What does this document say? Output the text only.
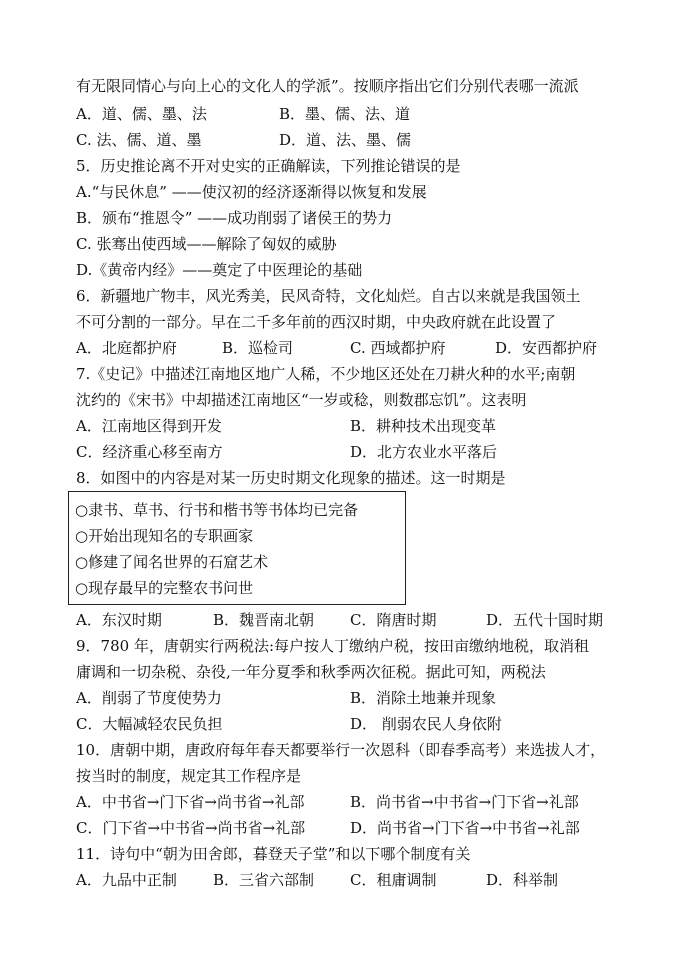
有无限同情心与向上心的文化人的学派”。按顺序指出它们分别代表哪一流派
A．道、儒、墨、法	B．墨、儒、法、道
C. 法、儒、道、墨	D．道、法、墨、儒
5．历史推论离不开对史实的正确解读，下列推论错误的是
A.“与民休息” ——使汉初的经济逐渐得以恢复和发展
B．颁布“推恩令” ——成功削弱了诸侯王的势力
C. 张骞出使西域——解除了匈奴的威胁
D.《黄帝内经》——奠定了中医理论的基础
6．新疆地广物丰，风光秀美，民风奇特，文化灿烂。自古以来就是我国领土
不可分割的一部分。早在二千多年前的西汉时期，中央政府就在此设置了
A．北庭都护府	B．巡检司	C. 西域都护府	D．安西都护府
7.《史记》中描述江南地区地广人稀，不少地区还处在刀耕火种的水平;南朝
沈约的《宋书》中却描述江南地区“一岁或稔，则数郡忘饥”。这表明
A．江南地区得到开发	B．耕种技术出现变革
C．经济重心移至南方	D．北方农业水平落后
8．如图中的内容是对某一历史时期文化现象的描述。这一时期是
○隶书、草书、行书和楷书等书体均已完备
○开始出现知名的专职画家
○修建了闻名世界的石窟艺术
○现存最早的完整农书问世
A．东汉时期	B．魏晋南北朝 C．隋唐时期	D．五代十国时期
9．780 年，唐朝实行两税法:每户按人丁缴纳户税，按田亩缴纳地税，取消租
庸调和一切杂税、杂役,一年分夏季和秋季两次征税。据此可知，两税法
A．削弱了节度使势力	B．消除土地兼并现象
C．大幅减轻农民负担	D． 削弱农民人身依附
10．唐朝中期，唐政府每年春天都要举行一次恩科（即春季高考）来选拔人才，
按当时的制度，规定其工作程序是
A．中书省→门下省→尚书省→礼部	B．尚书省→中书省→门下省→礼部
C．门下省→中书省→尚书省→礼部	D．尚书省→门下省→中书省→礼部
11．诗句中“朝为田舍郎，暮登天子堂”和以下哪个制度有关
A．九品中正制 B．三省六部制 C．租庸调制	D．科举制
